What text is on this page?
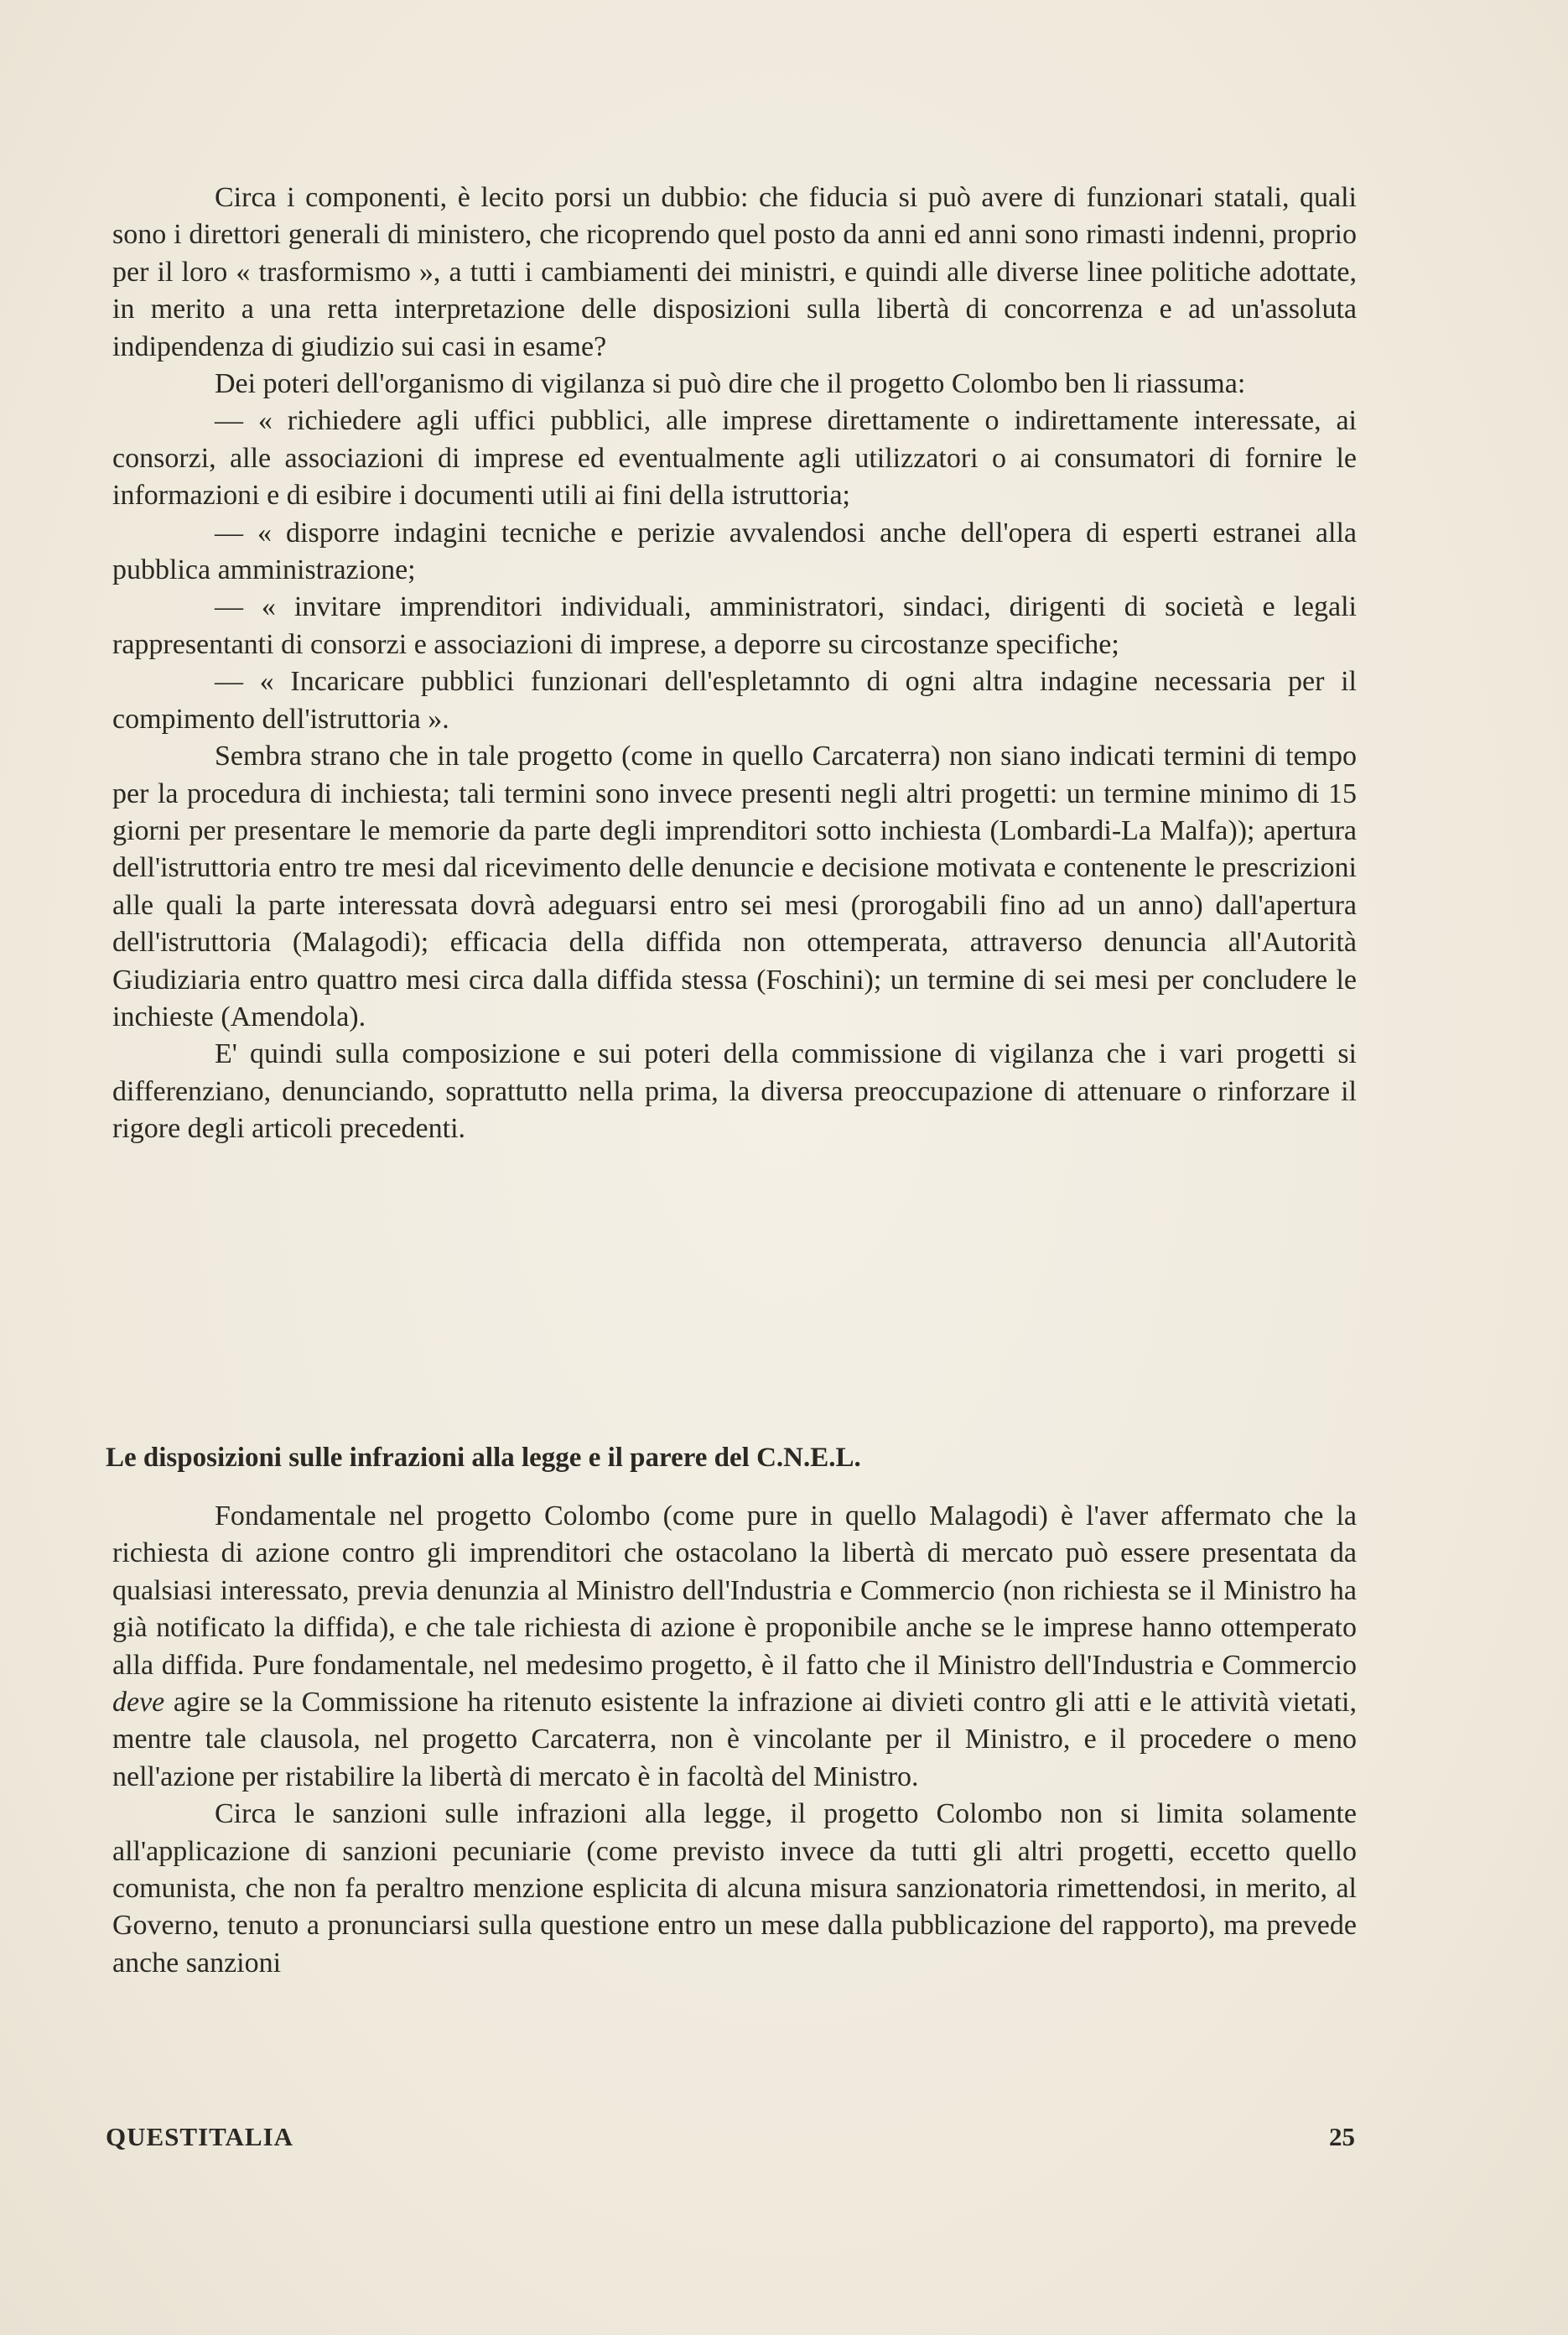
Circa i componenti, è lecito porsi un dubbio: che fiducia si può avere di funzionari statali, quali sono i direttori generali di ministero, che ricoprendo quel posto da anni ed anni sono rimasti indenni, proprio per il loro « trasformismo », a tutti i cambiamenti dei ministri, e quindi alle diverse linee politiche adottate, in merito a una retta interpretazione delle disposizioni sulla libertà di concorrenza e ad un'assoluta indipendenza di giudizio sui casi in esame?

Dei poteri dell'organismo di vigilanza si può dire che il progetto Colombo ben li riassuma:

— « richiedere agli uffici pubblici, alle imprese direttamente o indirettamente interessate, ai consorzi, alle associazioni di imprese ed eventualmente agli utilizzatori o ai consumatori di fornire le informazioni e di esibire i documenti utili ai fini della istruttoria;

— « disporre indagini tecniche e perizie avvalendosi anche dell'opera di esperti estranei alla pubblica amministrazione;

— « invitare imprenditori individuali, amministratori, sindaci, dirigenti di società e legali rappresentanti di consorzi e associazioni di imprese, a deporre su circostanze specifiche;

— « Incaricare pubblici funzionari dell'espletamnto di ogni altra indagine necessaria per il compimento dell'istruttoria ».

Sembra strano che in tale progetto (come in quello Carcaterra) non siano indicati termini di tempo per la procedura di inchiesta; tali termini sono invece presenti negli altri progetti: un termine minimo di 15 giorni per presentare le memorie da parte degli imprenditori sotto inchiesta (Lombardi-La Malfa)); apertura dell'istruttoria entro tre mesi dal ricevimento delle denuncie e decisione motivata e contenente le prescrizioni alle quali la parte interessata dovrà adeguarsi entro sei mesi (prorogabili fino ad un anno) dall'apertura dell'istruttoria (Malagodi); efficacia della diffida non ottemperata, attraverso denuncia all'Autorità Giudiziaria entro quattro mesi circa dalla diffida stessa (Foschini); un termine di sei mesi per concludere le inchieste (Amendola).

E' quindi sulla composizione e sui poteri della commissione di vigilanza che i vari progetti si differenziano, denunciando, soprattutto nella prima, la diversa preoccupazione di attenuare o rinforzare il rigore degli articoli precedenti.

Le disposizioni sulle infrazioni alla legge e il parere del C.N.E.L.

Fondamentale nel progetto Colombo (come pure in quello Malagodi) è l'aver affermato che la richiesta di azione contro gli imprenditori che ostacolano la libertà di mercato può essere presentata da qualsiasi interessato, previa denunzia al Ministro dell'Industria e Commercio (non richiesta se il Ministro ha già notificato la diffida), e che tale richiesta di azione è proponibile anche se le imprese hanno ottemperato alla diffida. Pure fondamentale, nel medesimo progetto, è il fatto che il Ministro dell'Industria e Commercio deve agire se la Commissione ha ritenuto esistente la infrazione ai divieti contro gli atti e le attività vietati, mentre tale clausola, nel progetto Carcaterra, non è vincolante per il Ministro, e il procedere o meno nell'azione per ristabilire la libertà di mercato è in facoltà del Ministro.

Circa le sanzioni sulle infrazioni alla legge, il progetto Colombo non si limita solamente all'applicazione di sanzioni pecuniarie (come previsto invece da tutti gli altri progetti, eccetto quello comunista, che non fa peraltro menzione esplicita di alcuna misura sanzionatoria rimettendosi, in merito, al Governo, tenuto a pronunciarsi sulla questione entro un mese dalla pubblicazione del rapporto), ma prevede anche sanzioni

QUESTITALIA	25
